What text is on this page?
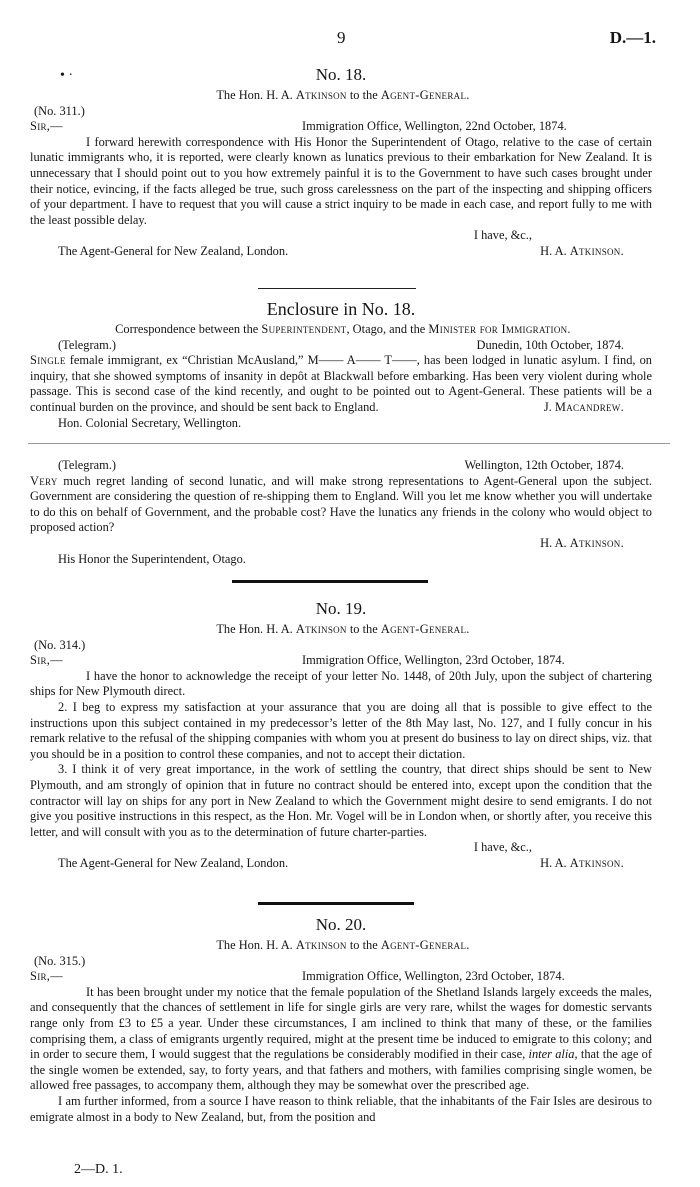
9	D.—1.
• ·	No. 18.
The Hon. H. A. Atkinson to the Agent-General.
(No. 311.)
Sir,—	Immigration Office, Wellington, 22nd October, 1874.

I forward herewith correspondence with His Honor the Superintendent of Otago, relative to the case of certain lunatic immigrants who, it is reported, were clearly known as lunatics previous to their embarkation for New Zealand. It is unnecessary that I should point out to you how extremely painful it is to the Government to have such cases brought under their notice, evincing, if the facts alleged be true, such gross carelessness on the part of the inspecting and shipping officers of your department. I have to request that you will cause a strict inquiry to be made in each case, and report fully to me with the least possible delay.

I have, &c.,
The Agent-General for New Zealand, London.	H. A. Atkinson.
Enclosure in No. 18.
Correspondence between the Superintendent, Otago, and the Minister for Immigration.
(Telegram.)	Dunedin, 10th October, 1874.

Single female immigrant, ex “Christian McAusland,” M—— A—— T——, has been lodged in lunatic asylum. I find, on inquiry, that she showed symptoms of insanity in depôt at Blackwall before embarking. Has been very violent during whole passage. This is second case of the kind recently, and ought to be pointed out to Agent-General. These patients will be a continual burden on the province, and should be sent back to England.	J. Macandrew.
Hon. Colonial Secretary, Wellington.
(Telegram.)	Wellington, 12th October, 1874.

Very much regret landing of second lunatic, and will make strong representations to Agent-General upon the subject. Government are considering the question of re-shipping them to England. Will you let me know whether you will undertake to do this on behalf of Government, and the probable cost? Have the lunatics any friends in the colony who would object to proposed action?

H. A. Atkinson.
His Honor the Superintendent, Otago.
No. 19.
The Hon. H. A. Atkinson to the Agent-General.
(No. 314.)
Sir,—	Immigration Office, Wellington, 23rd October, 1874.

I have the honor to acknowledge the receipt of your letter No. 1448, of 20th July, upon the subject of chartering ships for New Plymouth direct.

2. I beg to express my satisfaction at your assurance that you are doing all that is possible to give effect to the instructions upon this subject contained in my predecessor’s letter of the 8th May last, No. 127, and I fully concur in his remark relative to the refusal of the shipping companies with whom you at present do business to lay on direct ships, viz. that you should be in a position to control these companies, and not to accept their dictation.

3. I think it of very great importance, in the work of settling the country, that direct ships should be sent to New Plymouth, and am strongly of opinion that in future no contract should be entered into, except upon the condition that the contractor will lay on ships for any port in New Zealand to which the Government might desire to send emigrants. I do not give you positive instructions in this respect, as the Hon. Mr. Vogel will be in London when, or shortly after, you receive this letter, and will consult with you as to the determination of future charter-parties.

I have, &c.,
The Agent-General for New Zealand, London.	H. A. Atkinson.
No. 20.
The Hon. H. A. Atkinson to the Agent-General.
(No. 315.)
Sir,—	Immigration Office, Wellington, 23rd October, 1874.

It has been brought under my notice that the female population of the Shetland Islands largely exceeds the males, and consequently that the chances of settlement in life for single girls are very rare, whilst the wages for domestic servants range only from £3 to £5 a year. Under these circumstances, I am inclined to think that many of these, or the families comprising them, a class of emigrants urgently required, might at the present time be induced to emigrate to this colony; and in order to secure them, I would suggest that the regulations be considerably modified in their case, inter alia, that the age of the single women be extended, say, to forty years, and that fathers and mothers, with families comprising single women, be allowed free passages, to accompany them, although they may be somewhat over the prescribed age.

I am further informed, from a source I have reason to think reliable, that the inhabitants of the Fair Isles are desirous to emigrate almost in a body to New Zealand, but, from the position and

2—D. 1.
